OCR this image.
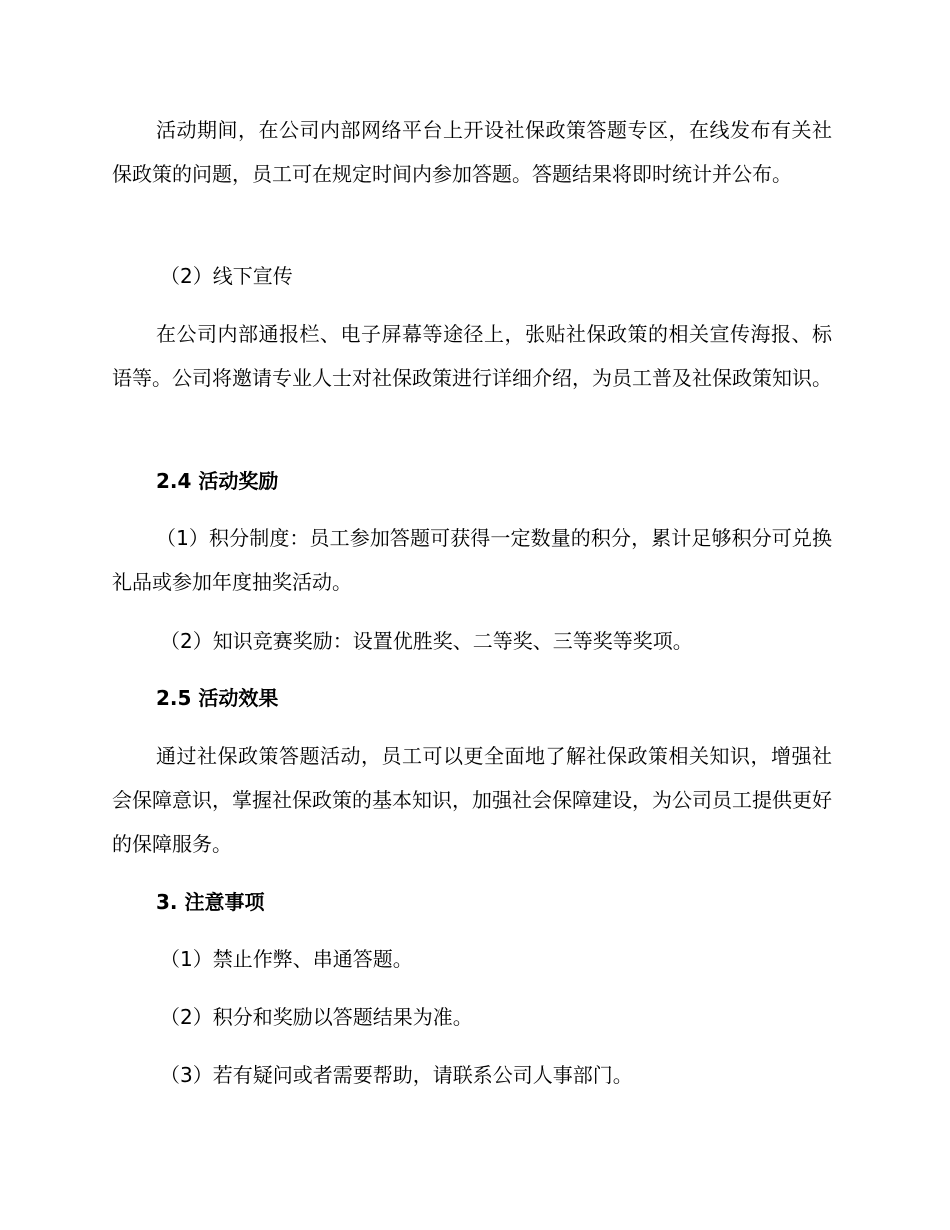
活动期间，在公司内部网络平台上开设社保政策答题专区，在线发布有关社保政策的问题，员工可在规定时间内参加答题。答题结果将即时统计并公布。

（2）线下宣传

在公司内部通报栏、电子屏幕等途径上，张贴社保政策的相关宣传海报、标语等。公司将邀请专业人士对社保政策进行详细介绍，为员工普及社保政策知识。

2.4 活动奖励

（1）积分制度：员工参加答题可获得一定数量的积分，累计足够积分可兑换礼品或参加年度抽奖活动。

（2）知识竞赛奖励：设置优胜奖、二等奖、三等奖等奖项。

2.5 活动效果

通过社保政策答题活动，员工可以更全面地了解社保政策相关知识，增强社会保障意识，掌握社保政策的基本知识，加强社会保障建设，为公司员工提供更好的保障服务。

3. 注意事项

（1）禁止作弊、串通答题。

（2）积分和奖励以答题结果为准。

（3）若有疑问或者需要帮助，请联系公司人事部门。
